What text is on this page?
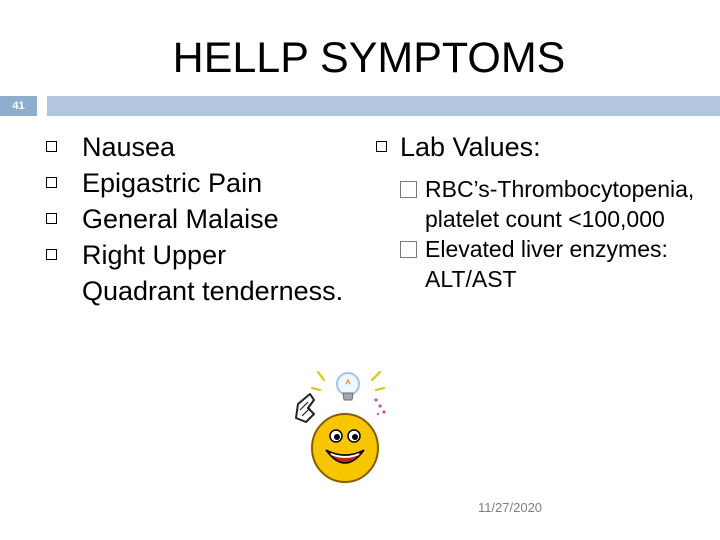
HELLP SYMPTOMS
41
Nausea
Epigastric Pain
General Malaise
Right Upper Quadrant tenderness.
Lab Values:
RBC’s-Thrombocytopenia, platelet count <100,000
Elevated liver enzymes: ALT/AST
11/27/2020
